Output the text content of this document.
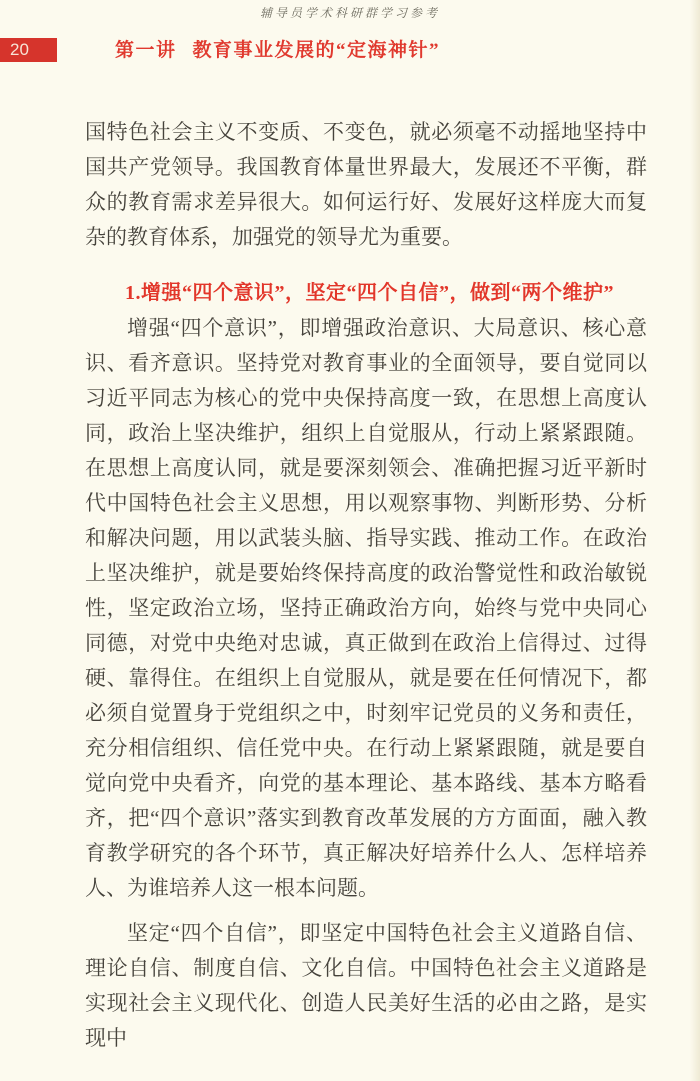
辅导员学术科研群学习参考
20	第一讲 教育事业发展的“定海神针”

国特色社会主义不变质、不变色，就必须毫不动摇地坚持中国共产党领导。我国教育体量世界最大，发展还不平衡，群众的教育需求差异很大。如何运行好、发展好这样庞大而复杂的教育体系，加强党的领导尤为重要。

1.增强“四个意识”，坚定“四个自信”，做到“两个维护”

增强“四个意识”，即增强政治意识、大局意识、核心意识、看齐意识。坚持党对教育事业的全面领导，要自觉同以习近平同志为核心的党中央保持高度一致，在思想上高度认同，政治上坚决维护，组织上自觉服从，行动上紧紧跟随。在思想上高度认同，就是要深刻领会、准确把握习近平新时代中国特色社会主义思想，用以观察事物、判断形势、分析和解决问题，用以武装头脑、指导实践、推动工作。在政治上坚决维护，就是要始终保持高度的政治警觉性和政治敏锐性，坚定政治立场，坚持正确政治方向，始终与党中央同心同德，对党中央绝对忠诚，真正做到在政治上信得过、过得硬、靠得住。在组织上自觉服从，就是要在任何情况下，都必须自觉置身于党组织之中，时刻牢记党员的义务和责任，充分相信组织、信任党中央。在行动上紧紧跟随，就是要自觉向党中央看齐，向党的基本理论、基本路线、基本方略看齐，把“四个意识”落实到教育改革发展的方方面面，融入教育教学研究的各个环节，真正解决好培养什么人、怎样培养人、为谁培养人这一根本问题。

坚定“四个自信”，即坚定中国特色社会主义道路自信、理论自信、制度自信、文化自信。中国特色社会主义道路是实现社会主义现代化、创造人民美好生活的必由之路，是实现中
